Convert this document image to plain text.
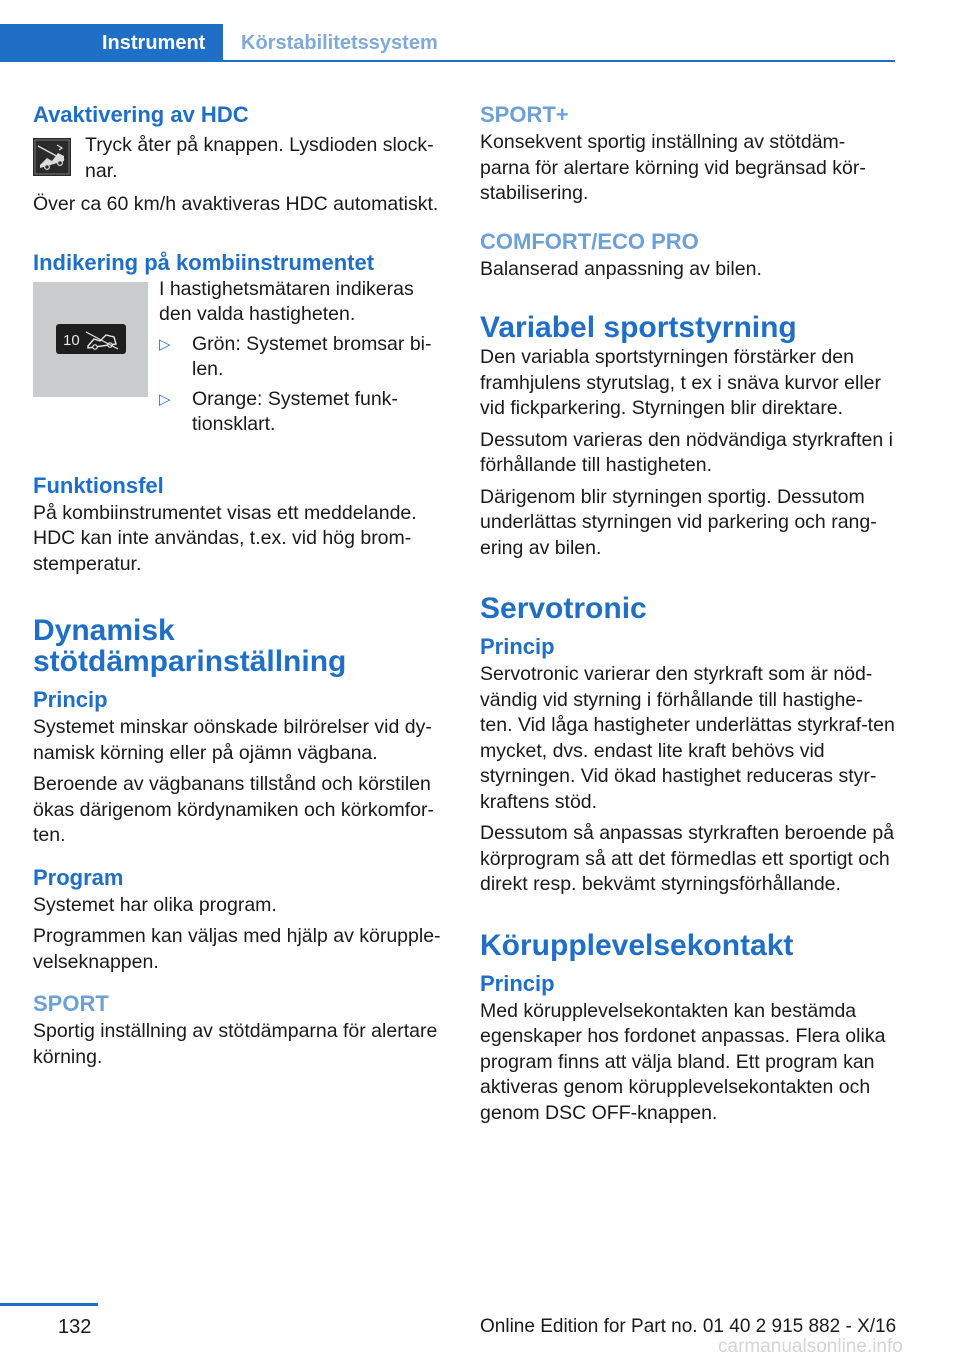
Instrument	Körstabilitetssystem
Avaktivering av HDC

Tryck åter på knappen. Lysdioden slock-nar.

Över ca 60 km/h avaktiveras HDC automatiskt.

Indikering på kombiinstrumentet
10

I hastighetsmätaren indikeras den valda hastigheten.

▷	Grön: Systemet bromsar bi-len.
▷	Orange: Systemet funk-tionsklart.
Funktionsfel

På kombiinstrumentet visas ett meddelande. HDC kan inte användas, t.ex. vid hög brom-stemperatur.

Dynamisk stötdämparinställning
Princip

Systemet minskar oönskade bilrörelser vid dy-namisk körning eller på ojämn vägbana.

Beroende av vägbanans tillstånd och körstilen ökas därigenom kördynamiken och körkomfor-ten.

Program

Systemet har olika program.

Programmen kan väljas med hjälp av körupple-velseknappen.

SPORT

Sportig inställning av stötdämparna för alertare körning.

SPORT+

Konsekvent sportig inställning av stötdäm-parna för alertare körning vid begränsad kör-stabilisering.

COMFORT/ECO PRO

Balanserad anpassning av bilen.

Variabel sportstyrning

Den variabla sportstyrningen förstärker den framhjulens styrutslag, t ex i snäva kurvor eller vid fickparkering. Styrningen blir direktare.

Dessutom varieras den nödvändiga styrkraften i förhållande till hastigheten.

Därigenom blir styrningen sportig. Dessutom underlättas styrningen vid parkering och rang-ering av bilen.

Servotronic
Princip

Servotronic varierar den styrkraft som är nöd-vändig vid styrning i förhållande till hastighe-ten. Vid låga hastigheter underlättas styrkraf-ten mycket, dvs. endast lite kraft behövs vid styrningen. Vid ökad hastighet reduceras styr-kraftens stöd.

Dessutom så anpassas styrkraften beroende på körprogram så att det förmedlas ett sportigt och direkt resp. bekvämt styrningsförhållande.

Körupplevelsekontakt
Princip

Med körupplevelsekontakten kan bestämda egenskaper hos fordonet anpassas. Flera olika program finns att välja bland. Ett program kan aktiveras genom körupplevelsekontakten och genom DSC OFF-knappen.

132	Online Edition for Part no. 01 40 2 915 882 - X/16
carmanualsonline.info
